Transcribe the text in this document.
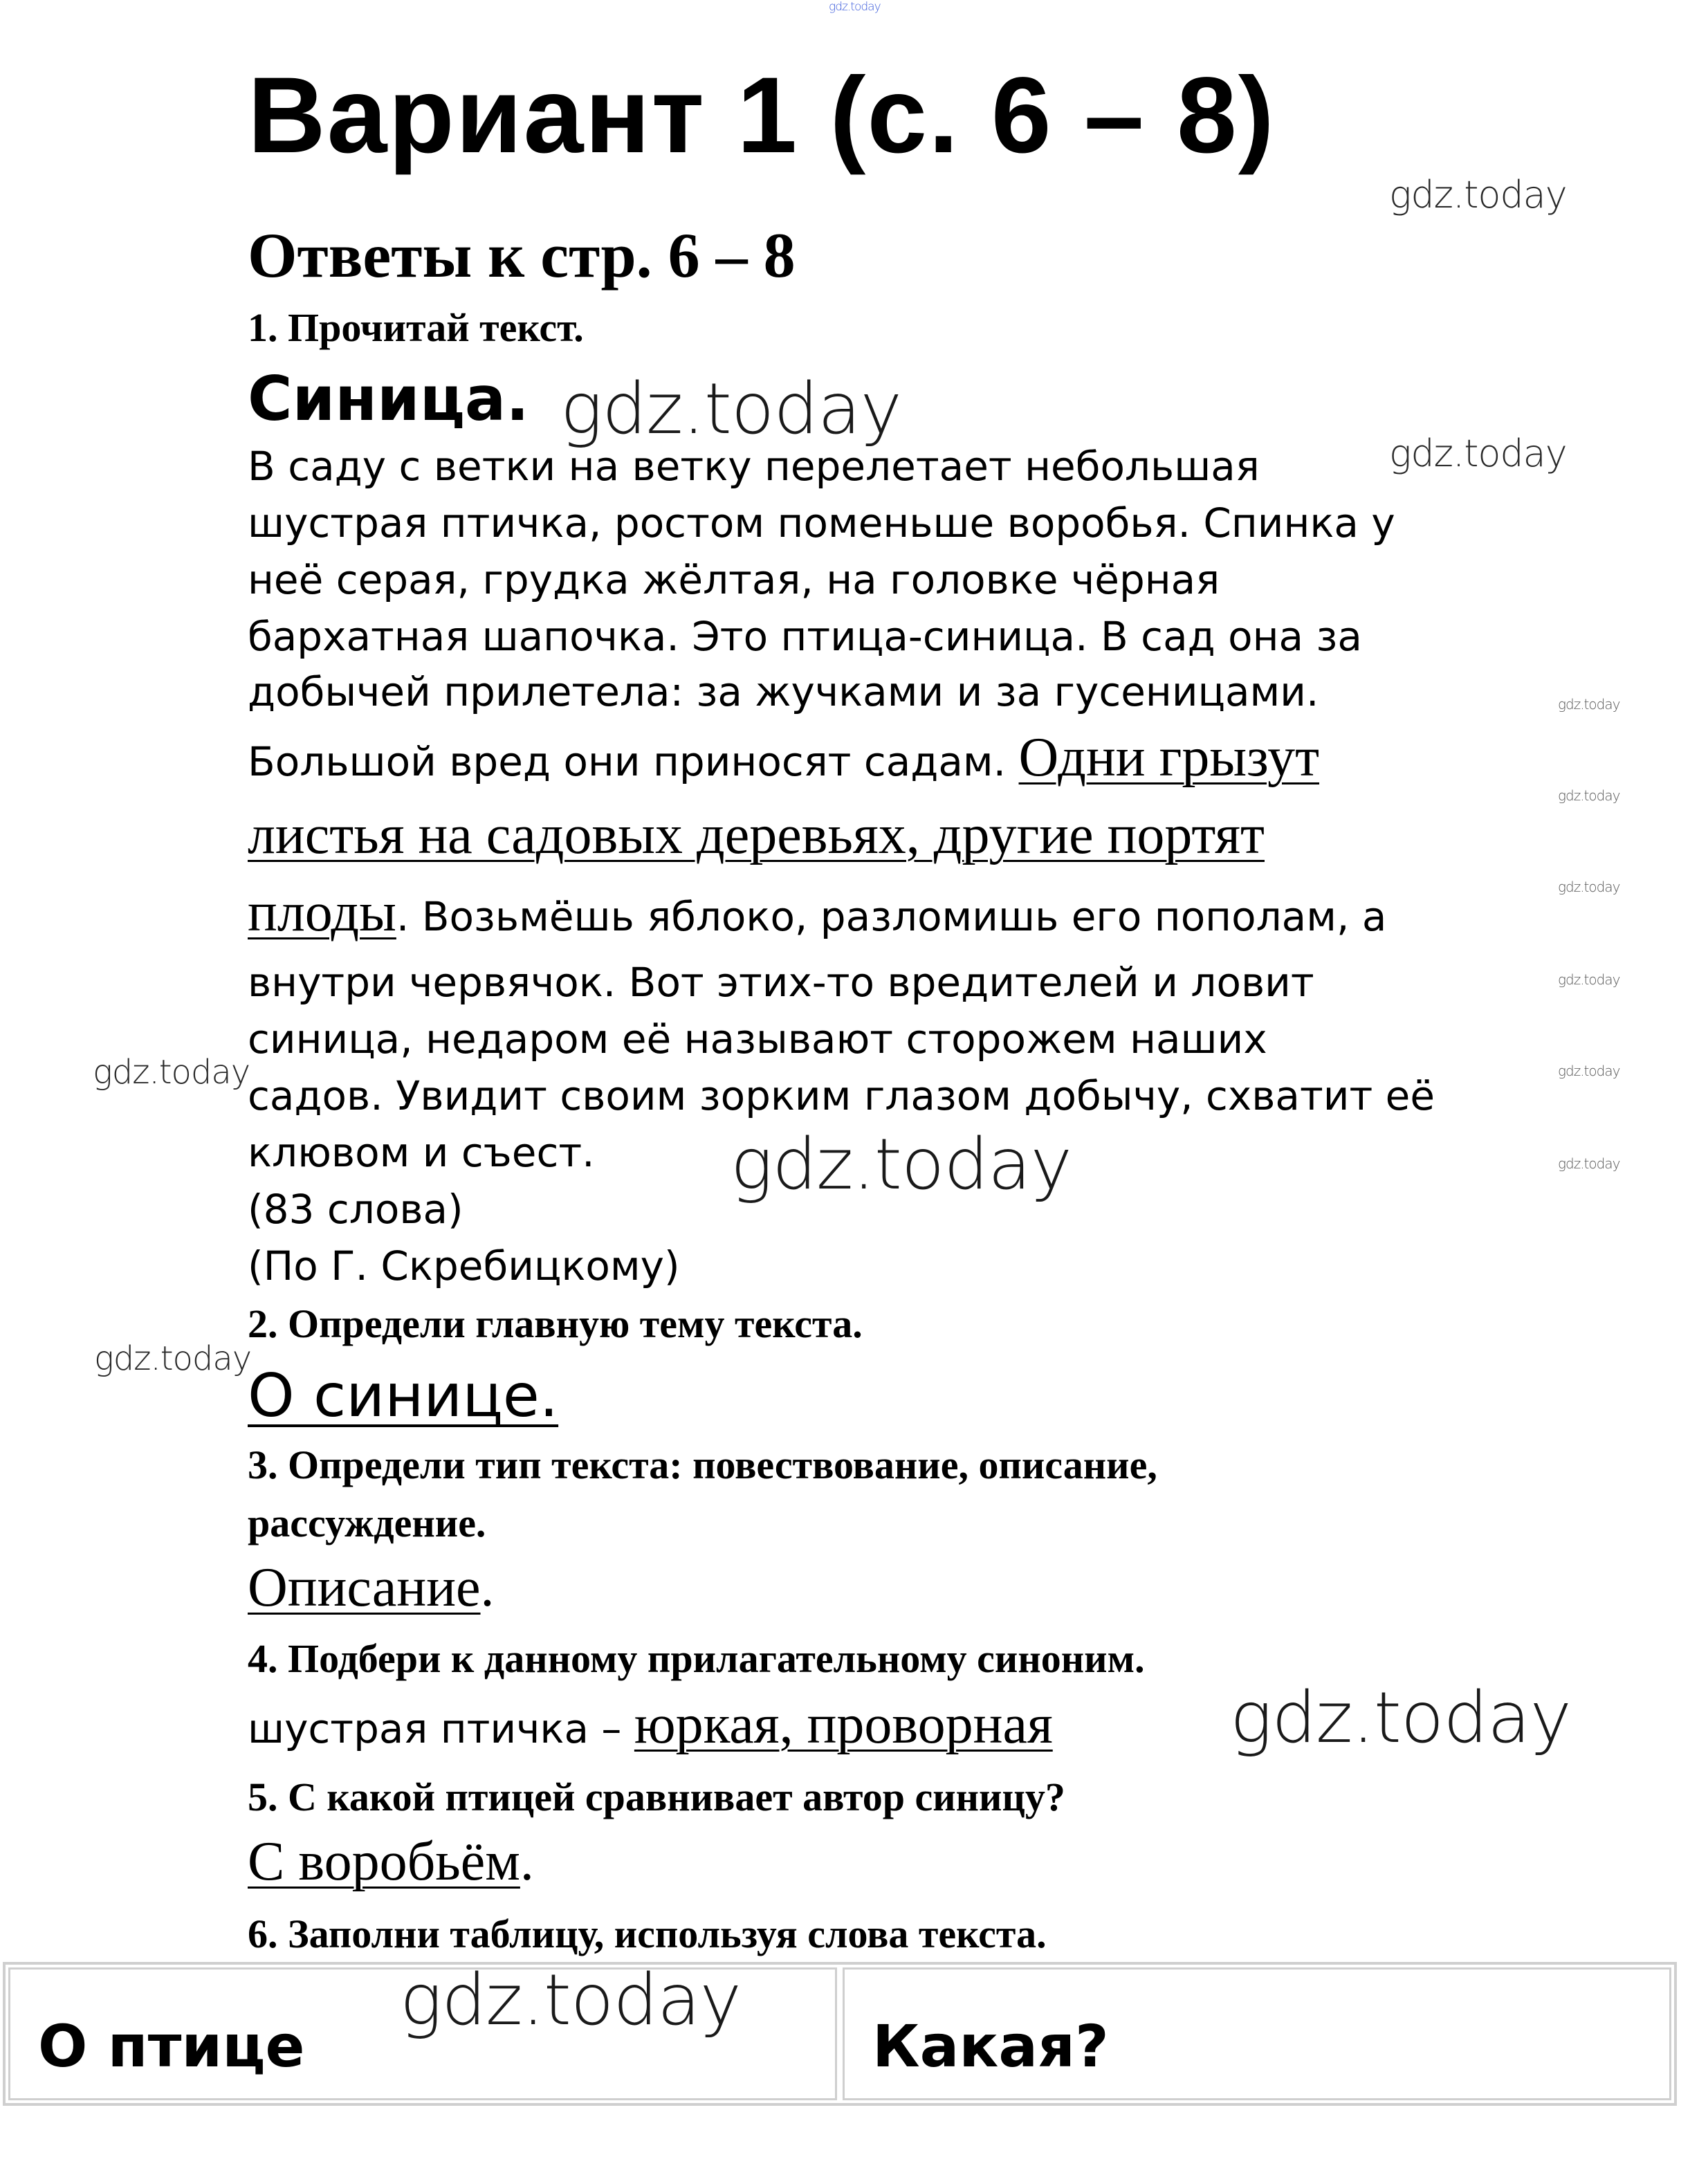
gdz.today
Вариант 1 (с. 6 – 8)
gdz.today
Ответы к стр. 6 – 8
1. Прочитай текст.
Синица. gdz.today
В саду с ветки на ветку перелетает небольшая	gdz.today
шустрая птичка, ростом поменьше воробья. Спинка у
неё серая, грудка жёлтая, на головке чёрная
бархатная шапочка. Это птица-синица. В сад она за
добычей прилетела: за жучками и за гусеницами.	gdz.today
Большой вред они приносят садам. Одни грызут
gdz.today
листья на садовых деревьях, другие портят
gdz.today
плоды. Возьмёшь яблоко, разломишь его пополам, а
внутри червячок. Вот этих-то вредителей и ловит	gdz.today
синица, недаром её называют сторожем наших
gdz.today	gdz.today
садов. Увидит своим зорким глазом добычу, схватит её
клювом и съест. gdz.today	gdz.today
(83 слова)
(По Г. Скребицкому)
2. Определи главную тему текста.
gdz.today
О синице.
3. Определи тип текста: повествование, описание,
рассуждение.
Описание.
4. Подбери к данному прилагательному синоним.
шустрая птичка – юркая, проворная	gdz.today
5. С какой птицей сравнивает автор синицу?
С воробьём.
6. Заполни таблицу, используя слова текста.
О птице	Какая?
gdz.today
